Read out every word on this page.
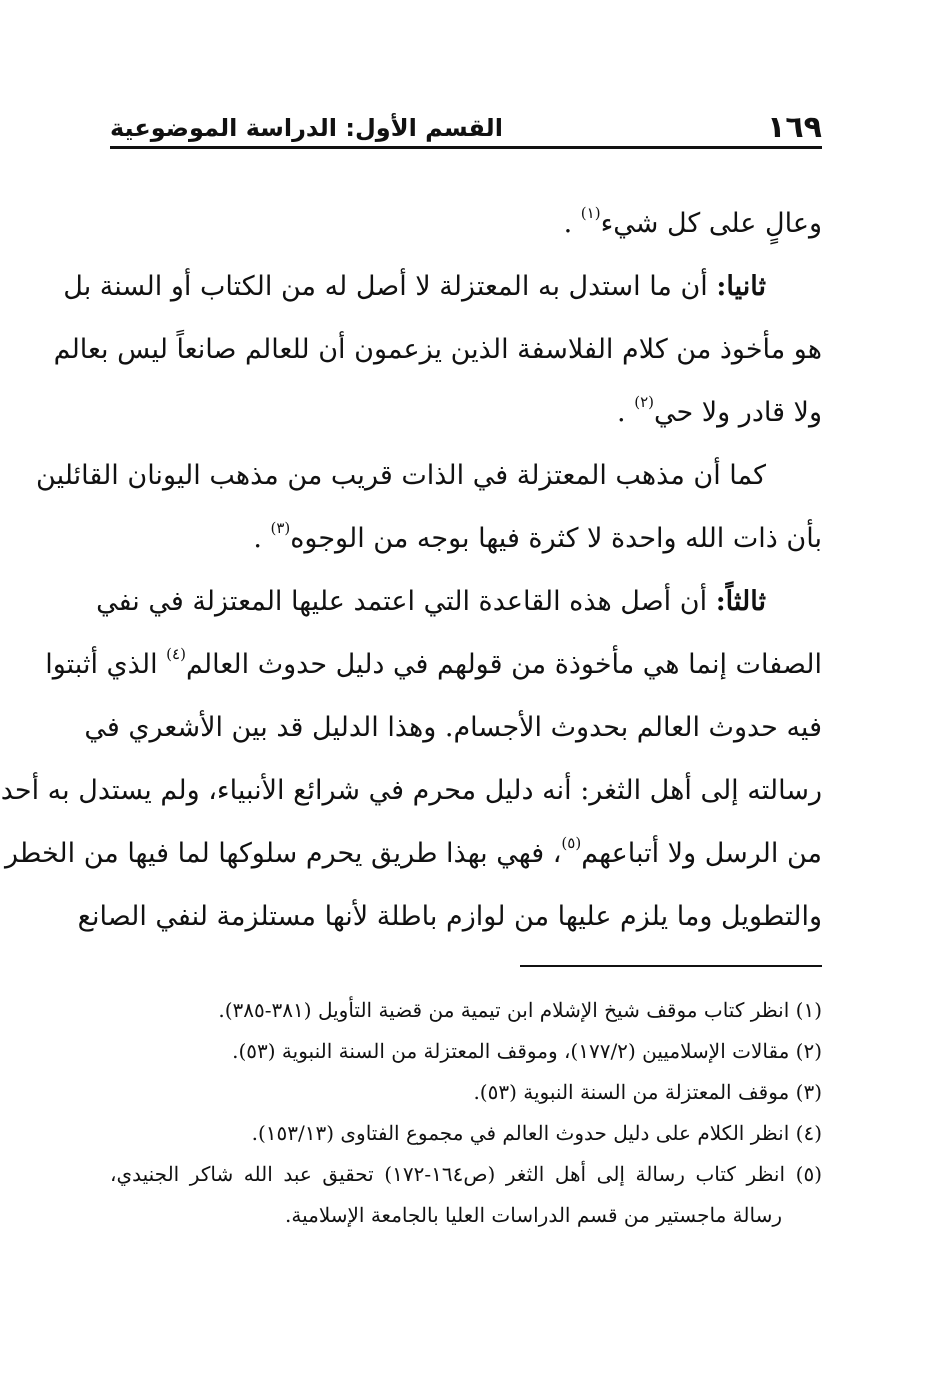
١٦٩
القسم الأول: الدراسة الموضوعية
وعالٍ على كل شيء$^{(١)}$ .
ثانيا: أن ما استدل به المعتزلة لا أصل له من الكتاب أو السنة بل
هو مأخوذ من كلام الفلاسفة الذين يزعمون أن للعالم صانعاً ليس بعالم
ولا قادر ولا حي$^{(٢)}$ .
كما أن مذهب المعتزلة في الذات قريب من مذهب اليونان القائلين
بأن ذات الله واحدة لا كثرة فيها بوجه من الوجوه$^{(٣)}$ .
ثالثاً: أن أصل هذه القاعدة التي اعتمد عليها المعتزلة في نفي
الصفات إنما هي مأخوذة من قولهم في دليل حدوث العالم$^{(٤)}$ الذي أثبتوا
فيه حدوث العالم بحدوث الأجسام. وهذا الدليل قد بين الأشعري في
رسالته إلى أهل الثغر: أنه دليل محرم في شرائع الأنبياء، ولم يستدل به أحد
من الرسل ولا أتباعهم$^{(٥)}$، فهي بهذا طريق يحرم سلوكها لما فيها من الخطر
والتطويل وما يلزم عليها من لوازم باطلة لأنها مستلزمة لنفي الصانع
(١) انظر كتاب موقف شيخ الإشلام ابن تيمية من قضية التأويل (٣٨١-٣٨٥).
(٢) مقالات الإسلاميين (١٧٧/٢)، وموقف المعتزلة من السنة النبوية (٥٣).
(٣) موقف المعتزلة من السنة النبوية (٥٣).
(٤) انظر الكلام على دليل حدوث العالم في مجموع الفتاوى (١٥٣/١٣).
(٥) انظر كتاب رسالة إلى أهل الثغر (ص١٦٤-١٧٢) تحقيق عبد الله شاكر الجنيدي،
رسالة ماجستير من قسم الدراسات العليا بالجامعة الإسلامية.
